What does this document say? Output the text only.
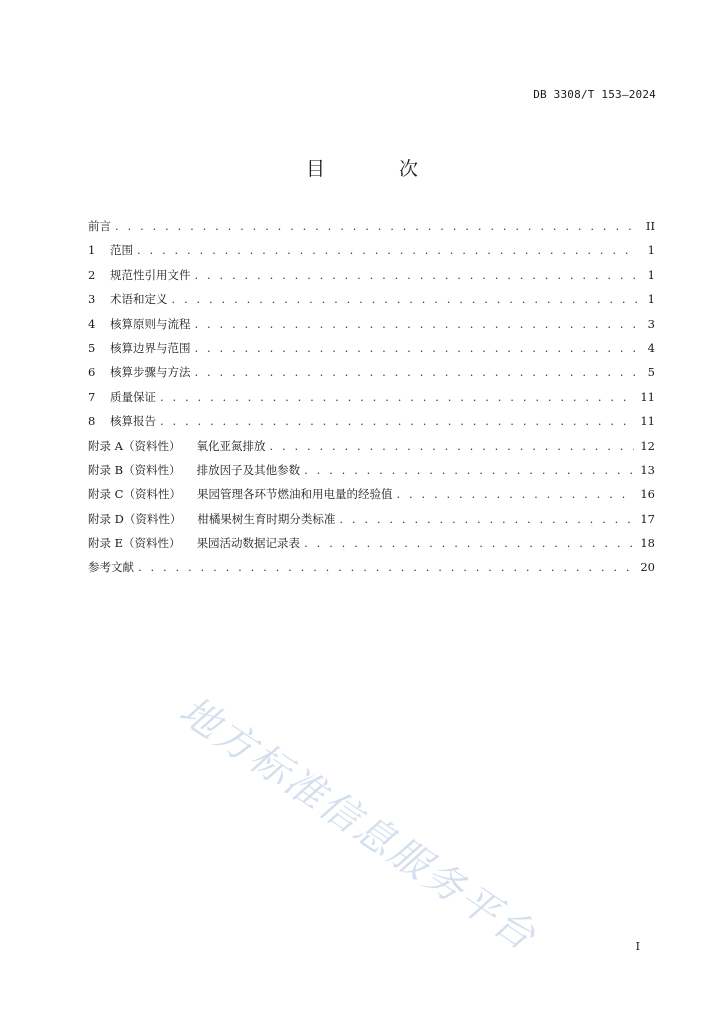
DB 3308/T 153—2024
目 次
前言 . . .	II
1 范围 . . .	1
2 规范性引用文件 . . .	1
3 术语和定义 . . .	1
4 核算原则与流程 . . .	3
5 核算边界与范围 . . .	4
6 核算步骤与方法 . . .	5
7 质量保证 . . .	11
8 核算报告 . . .	11
附录 A（资料性） 氧化亚氮排放 . . .	12
附录 B（资料性） 排放因子及其他参数 . . .	13
附录 C（资料性） 果园管理各环节燃油和用电量的经验值 . . .	16
附录 D（资料性） 柑橘果树生育时期分类标准 . . .	17
附录 E（资料性） 果园活动数据记录表 . . .	18
参考文献 . . .	20
地方标准信息服务平台	I
